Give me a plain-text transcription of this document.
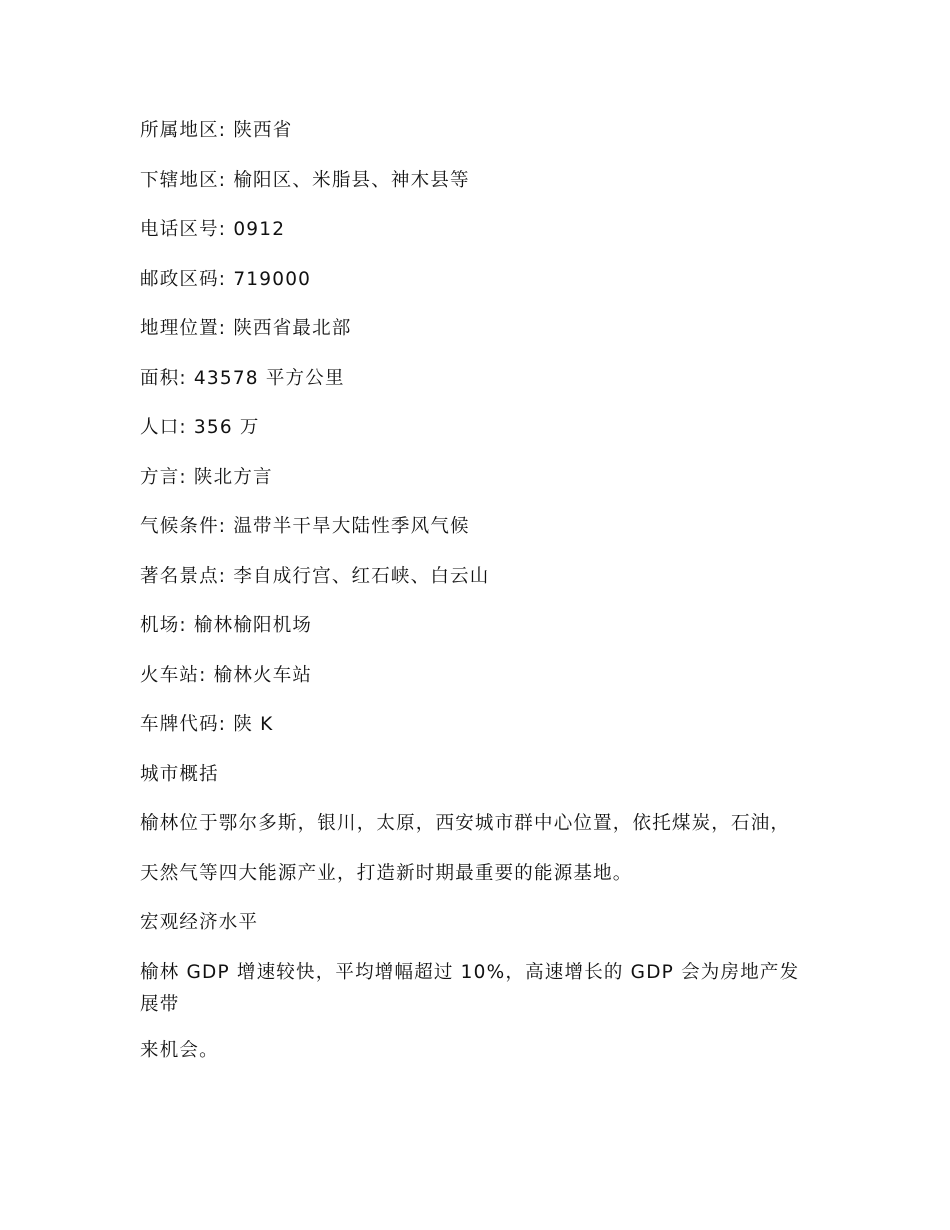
所属地区: 陕西省
下辖地区: 榆阳区、米脂县、神木县等
电话区号: 0912
邮政区码: 719000
地理位置: 陕西省最北部
面积: 43578 平方公里
人口: 356 万
方言: 陕北方言
气候条件: 温带半干旱大陆性季风气候
著名景点: 李自成行宫、红石峡、白云山
机场: 榆林榆阳机场
火车站: 榆林火车站
车牌代码: 陕 K
城市概括
榆林位于鄂尔多斯，银川，太原，西安城市群中心位置，依托煤炭，石油，
天然气等四大能源产业，打造新时期最重要的能源基地。
宏观经济水平
榆林 GDP 增速较快，平均增幅超过 10%，高速增长的 GDP 会为房地产发展带
来机会。
